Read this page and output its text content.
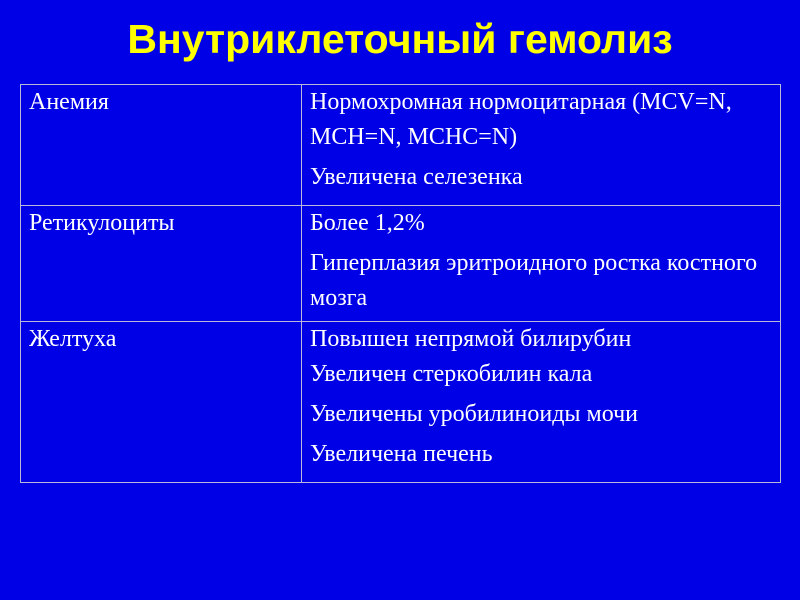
Внутриклеточный гемолиз
Анемия	Нормохромная нормоцитарная (MCV=N, MCH=N, MCHC=N)
Увеличена селезенка

Ретикулоциты	Более 1,2%
Гиперплазия эритроидного ростка костного мозга

Желтуха	Повышен непрямой билирубин
Увеличен стеркобилин кала
Увеличены уробилиноиды мочи
Увеличена печень
